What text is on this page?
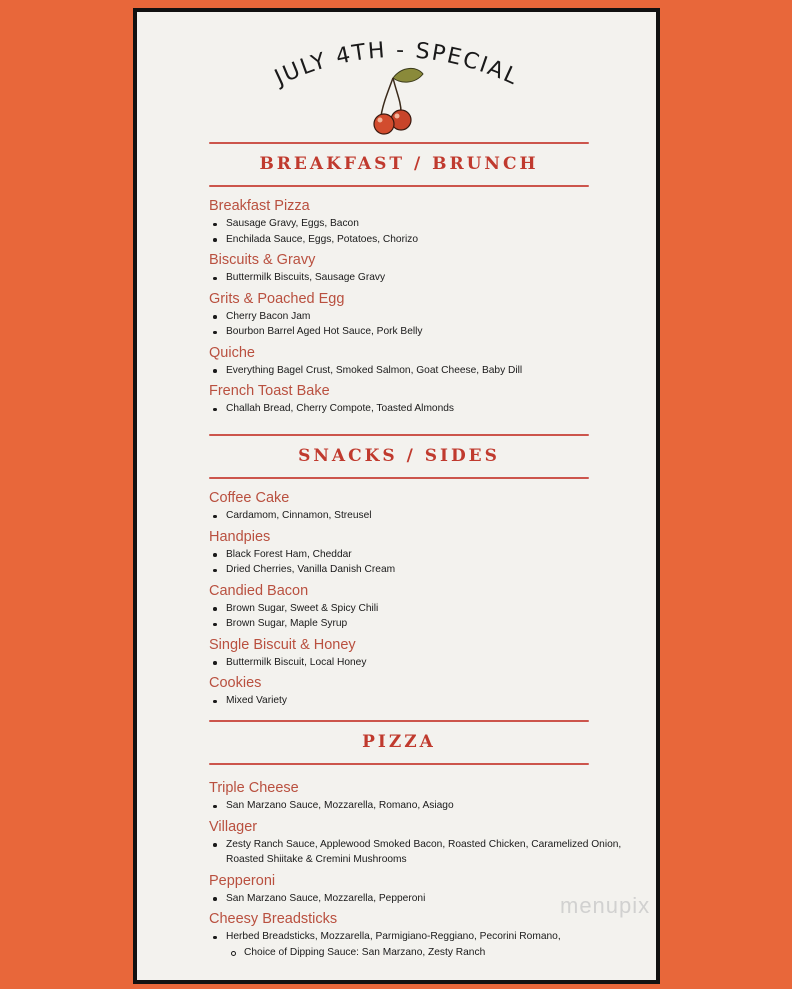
JULY 4TH - SPECIAL
BREAKFAST / BRUNCH
Breakfast Pizza
Sausage Gravy, Eggs, Bacon
Enchilada Sauce, Eggs, Potatoes, Chorizo
Biscuits & Gravy
Buttermilk Biscuits, Sausage Gravy
Grits & Poached Egg
Cherry Bacon Jam
Bourbon Barrel Aged Hot Sauce, Pork Belly
Quiche
Everything Bagel Crust, Smoked Salmon, Goat Cheese, Baby Dill
French Toast Bake
Challah Bread, Cherry Compote, Toasted Almonds
SNACKS / SIDES
Coffee Cake
Cardamom, Cinnamon, Streusel
Handpies
Black Forest Ham, Cheddar
Dried Cherries, Vanilla Danish Cream
Candied Bacon
Brown Sugar, Sweet & Spicy Chili
Brown Sugar, Maple Syrup
Single Biscuit & Honey
Buttermilk Biscuit, Local Honey
Cookies
Mixed Variety
PIZZA
Triple Cheese
San Marzano Sauce, Mozzarella, Romano, Asiago
Villager
Zesty Ranch Sauce, Applewood Smoked Bacon, Roasted Chicken, Caramelized Onion, Roasted Shiitake & Cremini Mushrooms
Pepperoni
San Marzano Sauce, Mozzarella, Pepperoni
Cheesy Breadsticks
Herbed Breadsticks, Mozzarella, Parmigiano-Reggiano, Pecorini Romano,
Choice of Dipping Sauce: San Marzano, Zesty Ranch
menupix
